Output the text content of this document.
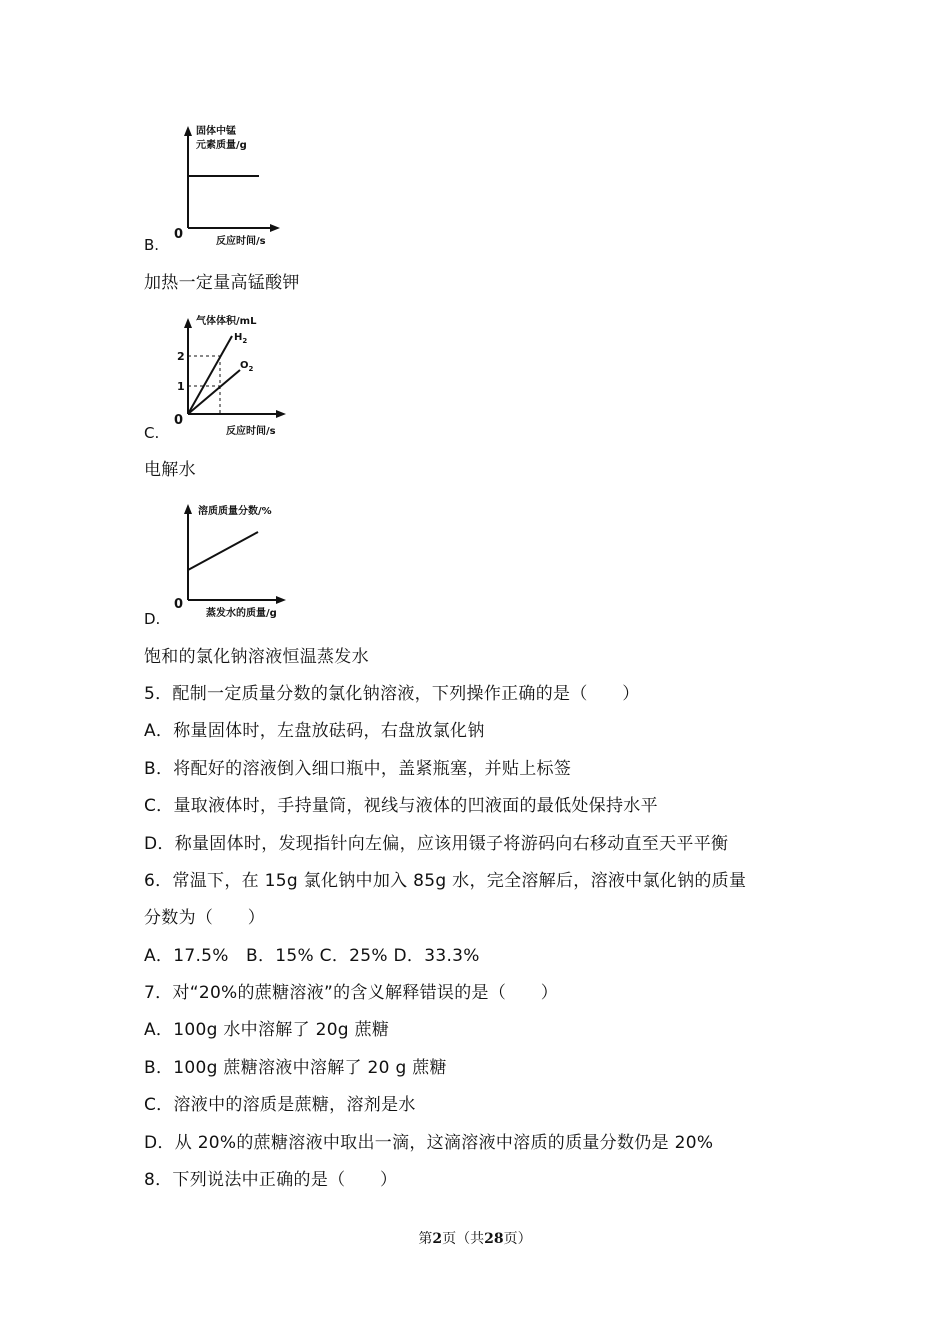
B.
固体中锰
元素质量/g
0	反应时间/s
加热一定量高锰酸钾
C.
气体体积/mL
2
1
$H_2$
$O_2$
0
反应时间/s
电解水
D.
溶质质量分数/%
0
蒸发水的质量/g
饱和的氯化钠溶液恒温蒸发水
5．配制一定质量分数的氯化钠溶液，下列操作正确的是（　　）
A．称量固体时，左盘放砝码，右盘放氯化钠
B．将配好的溶液倒入细口瓶中，盖紧瓶塞，并贴上标签
C．量取液体时，手持量筒，视线与液体的凹液面的最低处保持水平
D．称量固体时，发现指针向左偏，应该用镊子将游码向右移动直至天平平衡
6．常温下，在 15g 氯化钠中加入 85g 水，完全溶解后，溶液中氯化钠的质量
分数为（　　）
A．17.5%　B．15% C．25% D．33.3%
7．对“20%的蔗糖溶液”的含义解释错误的是（　　）
A．100g 水中溶解了 20g 蔗糖
B．100g 蔗糖溶液中溶解了 20 g 蔗糖
C．溶液中的溶质是蔗糖，溶剂是水
D．从 20%的蔗糖溶液中取出一滴，这滴溶液中溶质的质量分数仍是 20%
8．下列说法中正确的是（　　）
第2页（共28页）
